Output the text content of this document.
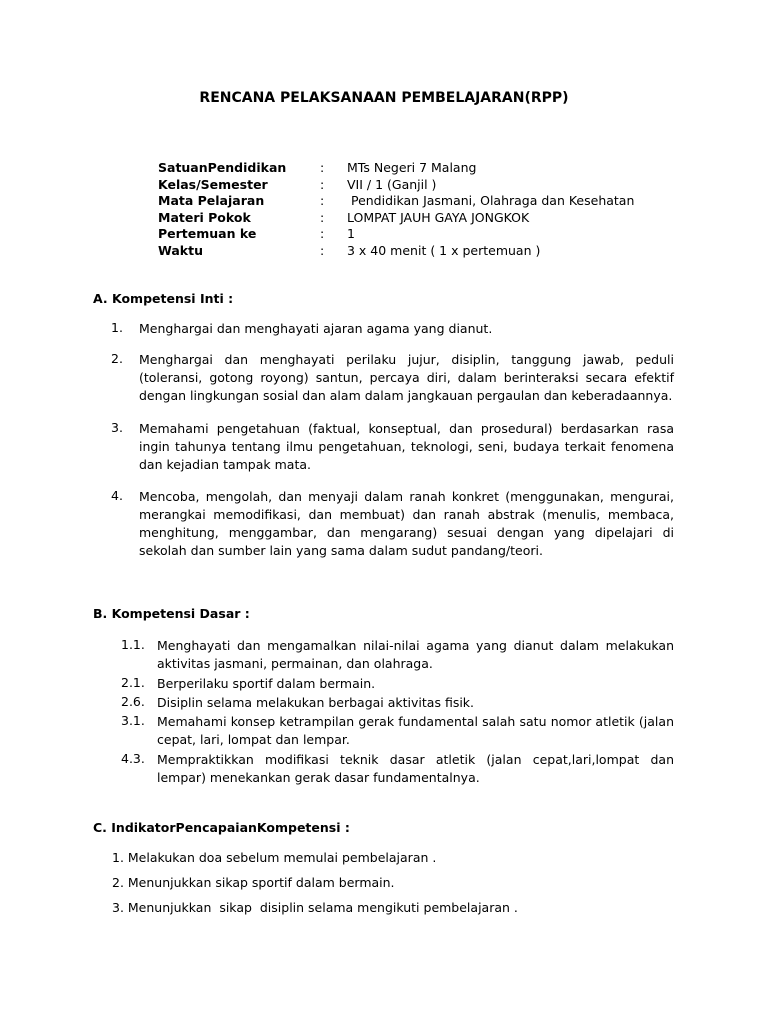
RENCANA PELAKSANAAN PEMBELAJARAN(RPP)
SatuanPendidikan	:	MTs Negeri 7 Malang
Kelas/Semester	:	VII / 1 (Ganjil )
Mata Pelajaran	:	Pendidikan Jasmani, Olahraga dan Kesehatan
Materi Pokok	:	LOMPAT JAUH GAYA JONGKOK
Pertemuan ke	:	1
Waktu	:	3 x 40 menit ( 1 x pertemuan )
A. Kompetensi Inti :
1. Menghargai dan menghayati ajaran agama yang dianut.
2. Menghargai dan menghayati perilaku jujur, disiplin, tanggung jawab, peduli (toleransi, gotong royong) santun, percaya diri, dalam berinteraksi secara efektif dengan lingkungan sosial dan alam dalam jangkauan pergaulan dan keberadaannya.
3. Memahami pengetahuan (faktual, konseptual, dan prosedural) berdasarkan rasa ingin tahunya tentang ilmu pengetahuan, teknologi, seni, budaya terkait fenomena dan kejadian tampak mata.
4. Mencoba, mengolah, dan menyaji dalam ranah konkret (menggunakan, mengurai, merangkai memodifikasi, dan membuat) dan ranah abstrak (menulis, membaca, menghitung, menggambar, dan mengarang) sesuai dengan yang dipelajari di sekolah dan sumber lain yang sama dalam sudut pandang/teori.
B. Kompetensi Dasar :
1.1. Menghayati dan mengamalkan nilai-nilai agama yang dianut dalam melakukan aktivitas jasmani, permainan, dan olahraga.
2.1. Berperilaku sportif dalam bermain.
2.6. Disiplin selama melakukan berbagai aktivitas fisik.
3.1. Memahami konsep ketrampilan gerak fundamental salah satu nomor atletik (jalan cepat, lari, lompat dan lempar.
4.3. Mempraktikkan modifikasi teknik dasar atletik (jalan cepat,lari,lompat dan lempar) menekankan gerak dasar fundamentalnya.
C. IndikatorPencapaianKompetensi :
1. Melakukan doa sebelum memulai pembelajaran .
2. Menunjukkan sikap sportif dalam bermain.
3. Menunjukkan  sikap  disiplin selama mengikuti pembelajaran .
